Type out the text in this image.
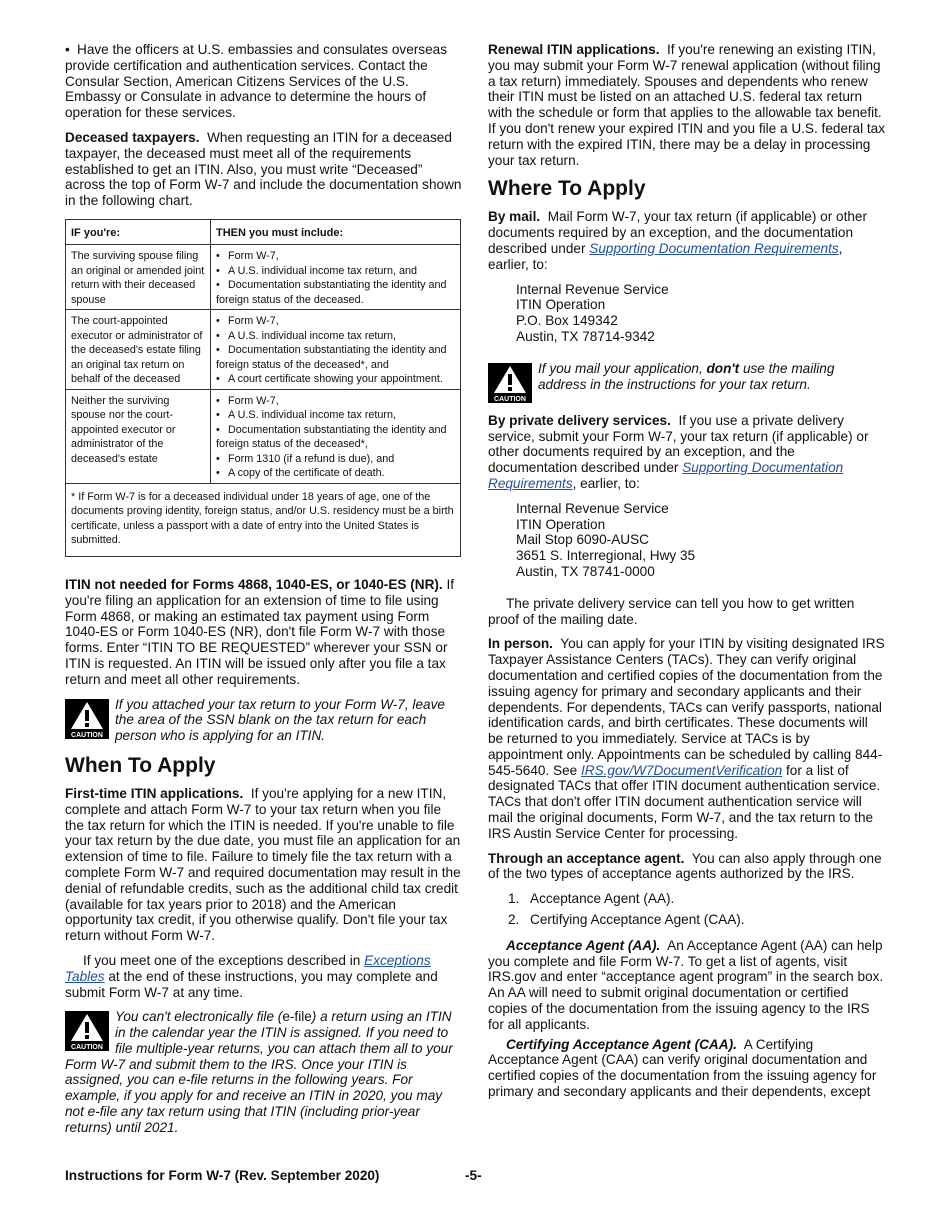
• Have the officers at U.S. embassies and consulates overseas provide certification and authentication services. Contact the Consular Section, American Citizens Services of the U.S. Embassy or Consulate in advance to determine the hours of operation for these services.

Deceased taxpayers. When requesting an ITIN for a deceased taxpayer, the deceased must meet all of the requirements established to get an ITIN. Also, you must write “Deceased” across the top of Form W-7 and include the documentation shown in the following chart.

IF you're:	THEN you must include:
The surviving spouse filing an original or amended joint return with their deceased spouse	• Form W-7,
• A U.S. individual income tax return, and
• Documentation substantiating the identity and foreign status of the deceased.

The court-appointed executor or administrator of the deceased's estate filing an original tax return on behalf of the deceased	• Form W-7,
• A U.S. individual income tax return,
• Documentation substantiating the identity and foreign status of the deceased*, and
• A court certificate showing your appointment.

Neither the surviving spouse nor the court-appointed executor or administrator of the deceased's estate	• Form W-7,
• A U.S. individual income tax return,
• Documentation substantiating the identity and foreign status of the deceased*,
• Form 1310 (if a refund is due), and
• A copy of the certificate of death.

* If Form W-7 is for a deceased individual under 18 years of age, one of the documents proving identity, foreign status, and/or U.S. residency must be a birth certificate, unless a passport with a date of entry into the United States is submitted.	

ITIN not needed for Forms 4868, 1040-ES, or 1040-ES (NR). If you're filing an application for an extension of time to file using Form 4868, or making an estimated tax payment using Form 1040-ES or Form 1040-ES (NR), don't file Form W-7 with those forms. Enter “ITIN TO BE REQUESTED” wherever your SSN or ITIN is requested. An ITIN will be issued only after you file a tax return and meet all other requirements.

CAUTION
If you attached your tax return to your Form W-7, leave the area of the SSN blank on the tax return for each person who is applying for an ITIN.
When To Apply

First-time ITIN applications. If you're applying for a new ITIN, complete and attach Form W-7 to your tax return when you file the tax return for which the ITIN is needed. If you're unable to file your tax return by the due date, you must file an application for an extension of time to file. Failure to timely file the tax return with a complete Form W-7 and required documentation may result in the denial of refundable credits, such as the additional child tax credit (available for tax years prior to 2018) and the American opportunity tax credit, if you otherwise qualify. Don't file your tax return without Form W-7.

If you meet one of the exceptions described in Exceptions Tables at the end of these instructions, you may complete and submit Form W-7 at any time.

CAUTION
You can't electronically file (e-file) a return using an ITIN in the calendar year the ITIN is assigned. If you need to file multiple-year returns, you can attach them all to your Form W-7 and submit them to the IRS. Once your ITIN is assigned, you can e-file returns in the following years. For example, if you apply for and receive an ITIN in 2020, you may not e-file any tax return using that ITIN (including prior-year returns) until 2021.

Renewal ITIN applications. If you're renewing an existing ITIN, you may submit your Form W-7 renewal application (without filing a tax return) immediately. Spouses and dependents who renew their ITIN must be listed on an attached U.S. federal tax return with the schedule or form that applies to the allowable tax benefit. If you don't renew your expired ITIN and you file a U.S. federal tax return with the expired ITIN, there may be a delay in processing your tax return.

Where To Apply

By mail. Mail Form W-7, your tax return (if applicable) or other documents required by an exception, and the documentation described under Supporting Documentation Requirements, earlier, to:

Internal Revenue Service
ITIN Operation
P.O. Box 149342
Austin, TX 78714-9342
CAUTION
If you mail your application, don't use the mailing address in the instructions for your tax return.

By private delivery services. If you use a private delivery service, submit your Form W-7, your tax return (if applicable) or other documents required by an exception, and the documentation described under Supporting Documentation Requirements, earlier, to:

Internal Revenue Service
ITIN Operation
Mail Stop 6090-AUSC
3651 S. Interregional, Hwy 35
Austin, TX 78741-0000

The private delivery service can tell you how to get written proof of the mailing date.

In person. You can apply for your ITIN by visiting designated IRS Taxpayer Assistance Centers (TACs). They can verify original documentation and certified copies of the documentation from the issuing agency for primary and secondary applicants and their dependents. For dependents, TACs can verify passports, national identification cards, and birth certificates. These documents will be returned to you immediately. Service at TACs is by appointment only. Appointments can be scheduled by calling 844-545-5640. See IRS.gov/W7DocumentVerification for a list of designated TACs that offer ITIN document authentication service. TACs that don't offer ITIN document authentication service will mail the original documents, Form W-7, and the tax return to the IRS Austin Service Center for processing.

Through an acceptance agent. You can also apply through one of the two types of acceptance agents authorized by the IRS.

1. Acceptance Agent (AA).
2. Certifying Acceptance Agent (CAA).

Acceptance Agent (AA). An Acceptance Agent (AA) can help you complete and file Form W-7. To get a list of agents, visit IRS.gov and enter “acceptance agent program” in the search box. An AA will need to submit original documentation or certified copies of the documentation from the issuing agency to the IRS for all applicants.

Certifying Acceptance Agent (CAA). A Certifying Acceptance Agent (CAA) can verify original documentation and certified copies of the documentation from the issuing agency for primary and secondary applicants and their dependents, except

Instructions for Form W-7 (Rev. September 2020)	-5-
